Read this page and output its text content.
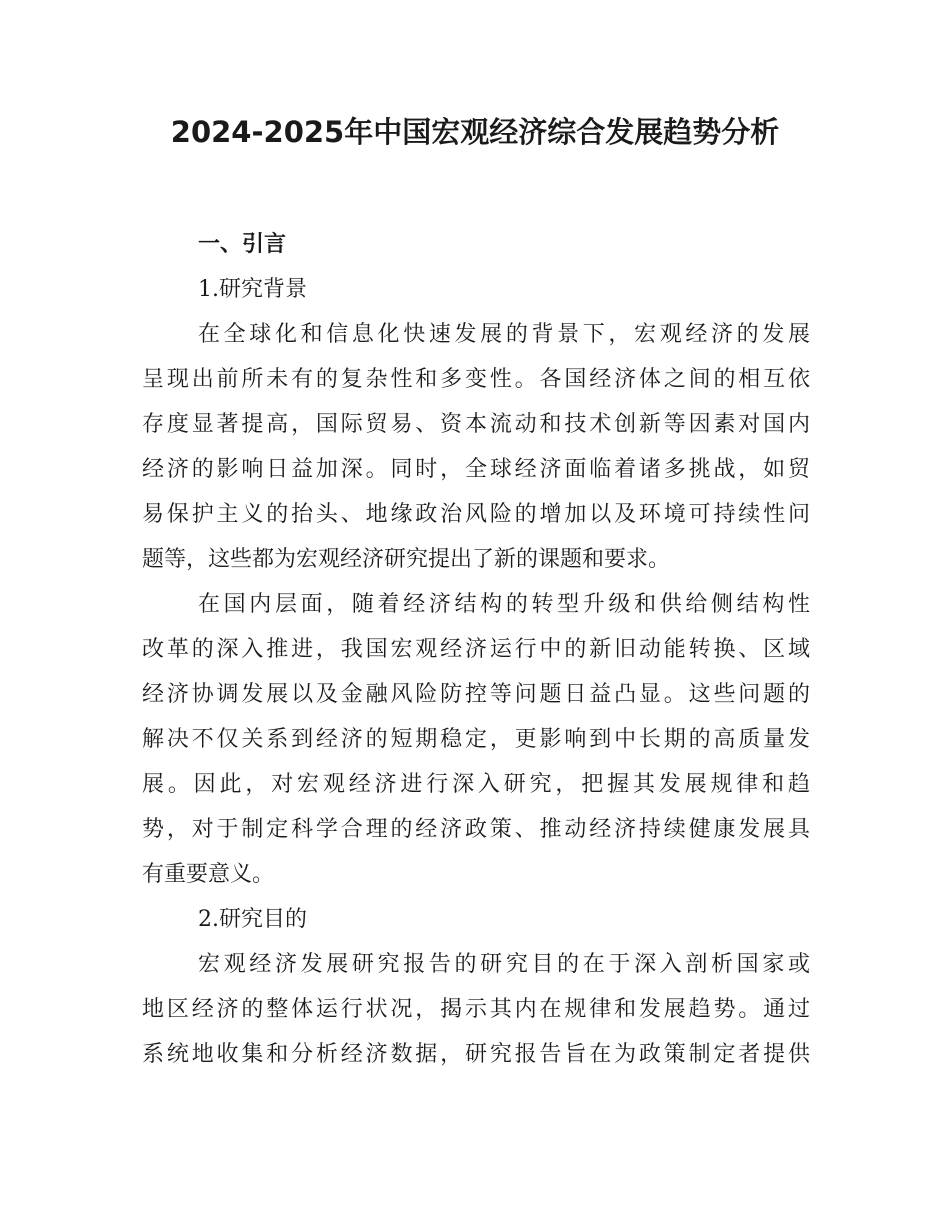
2024-2025年中国宏观经济综合发展趋势分析

一、引言

1.研究背景

在全球化和信息化快速发展的背景下，宏观经济的发展

呈现出前所未有的复杂性和多变性。各国经济体之间的相互依

存度显著提高，国际贸易、资本流动和技术创新等因素对国内

经济的影响日益加深。同时，全球经济面临着诸多挑战，如贸

易保护主义的抬头、地缘政治风险的增加以及环境可持续性问

题等，这些都为宏观经济研究提出了新的课题和要求。

在国内层面，随着经济结构的转型升级和供给侧结构性

改革的深入推进，我国宏观经济运行中的新旧动能转换、区域

经济协调发展以及金融风险防控等问题日益凸显。这些问题的

解决不仅关系到经济的短期稳定，更影响到中长期的高质量发

展。因此，对宏观经济进行深入研究，把握其发展规律和趋

势，对于制定科学合理的经济政策、推动经济持续健康发展具

有重要意义。

2.研究目的

宏观经济发展研究报告的研究目的在于深入剖析国家或

地区经济的整体运行状况，揭示其内在规律和发展趋势。通过

系统地收集和分析经济数据，研究报告旨在为政策制定者提供
